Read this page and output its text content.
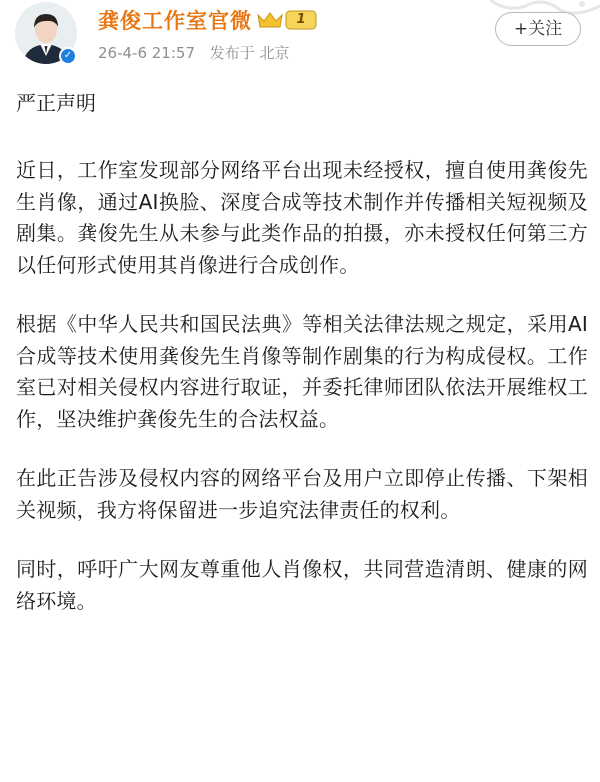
✓
龚俊工作室官微	1
26-4-6 21:57 发布于 北京
+关注

严正声明

近日，工作室发现部分网络平台出现未经授权，擅自使用龚俊先生肖像，通过AI换脸、深度合成等技术制作并传播相关短视频及剧集。龚俊先生从未参与此类作品的拍摄，亦未授权任何第三方以任何形式使用其肖像进行合成创作。

根据《中华人民共和国民法典》等相关法律法规之规定，采用AI合成等技术使用龚俊先生肖像等制作剧集的行为构成侵权。工作室已对相关侵权内容进行取证，并委托律师团队依法开展维权工作，坚决维护龚俊先生的合法权益。

在此正告涉及侵权内容的网络平台及用户立即停止传播、下架相关视频，我方将保留进一步追究法律责任的权利。

同时，呼吁广大网友尊重他人肖像权，共同营造清朗、健康的网络环境。
